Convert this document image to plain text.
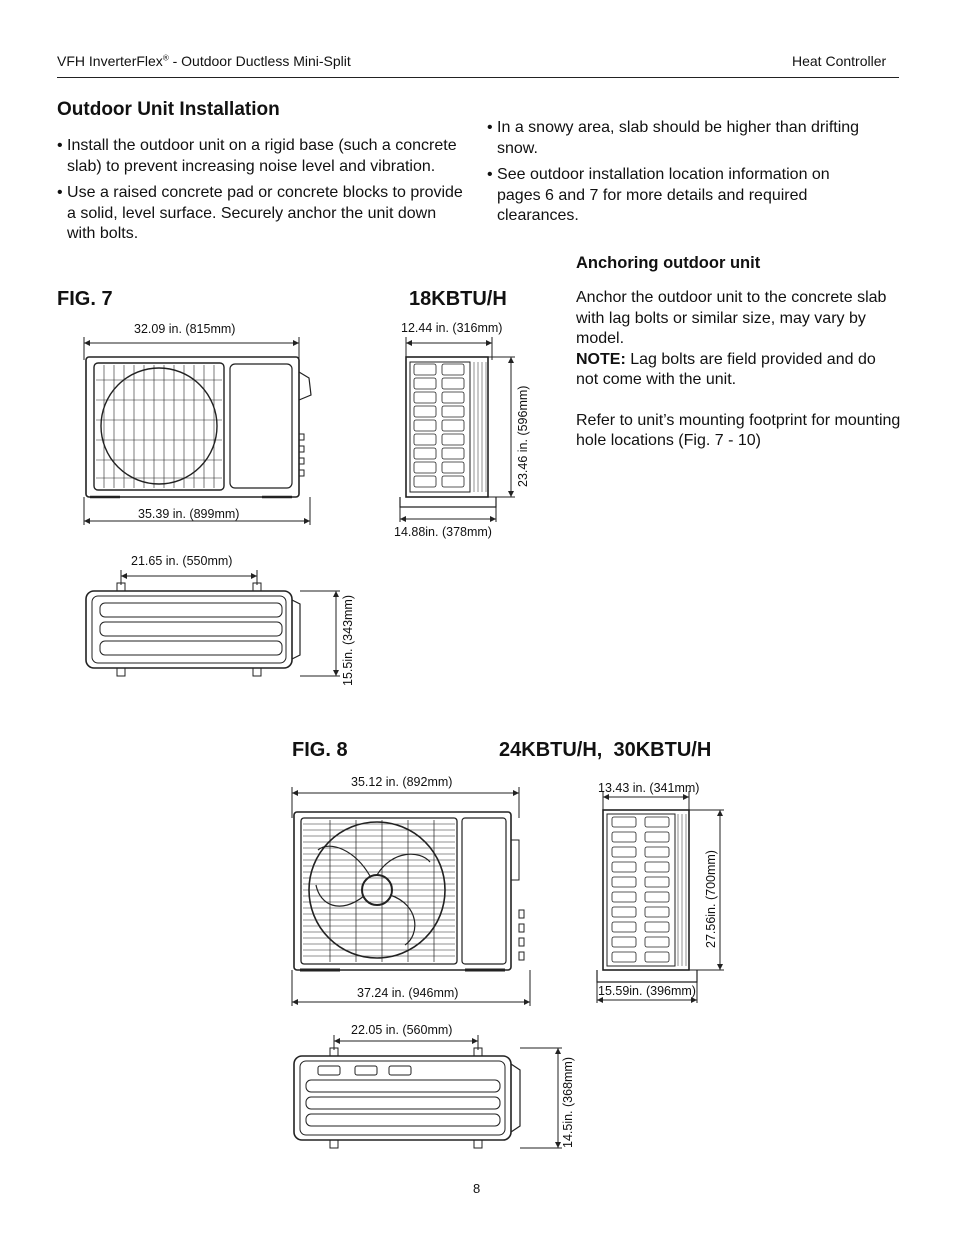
VFH InverterFlex® - Outdoor Ductless Mini-Split	Heat Controller
Outdoor Unit Installation

• Install the outdoor unit on a rigid base (such a concrete slab) to prevent increasing noise level and vibration.

• Use a raised concrete pad or concrete blocks to provide a solid, level surface. Securely anchor the unit down with bolts.

• In a snowy area, slab should be higher than drifting snow.

• See outdoor installation location information on pages 6 and 7 for more details and required clearances.

Anchoring outdoor unit
Anchor the outdoor unit to the concrete slab with lag bolts or similar size, may vary by model.
NOTE: Lag bolts are field provided and do not come with the unit.
Refer to unit’s mounting footprint for mounting hole locations (Fig. 7 - 10)
FIG. 7	18KBTU/H
FIG. 8	24KBTU/H,  30KBTU/H
32.09 in. (815mm)
35.39 in. (899mm)
12.44 in. (316mm)
23.46 in. (596mm)
14.88in. (378mm)
21.65 in. (550mm)
15.5in. (343mm)
35.12 in. (892mm)
37.24 in. (946mm)
13.43 in. (341mm)
27.56in. (700mm)
15.59in. (396mm)
22.05 in. (560mm)
14.5in. (368mm)
8
